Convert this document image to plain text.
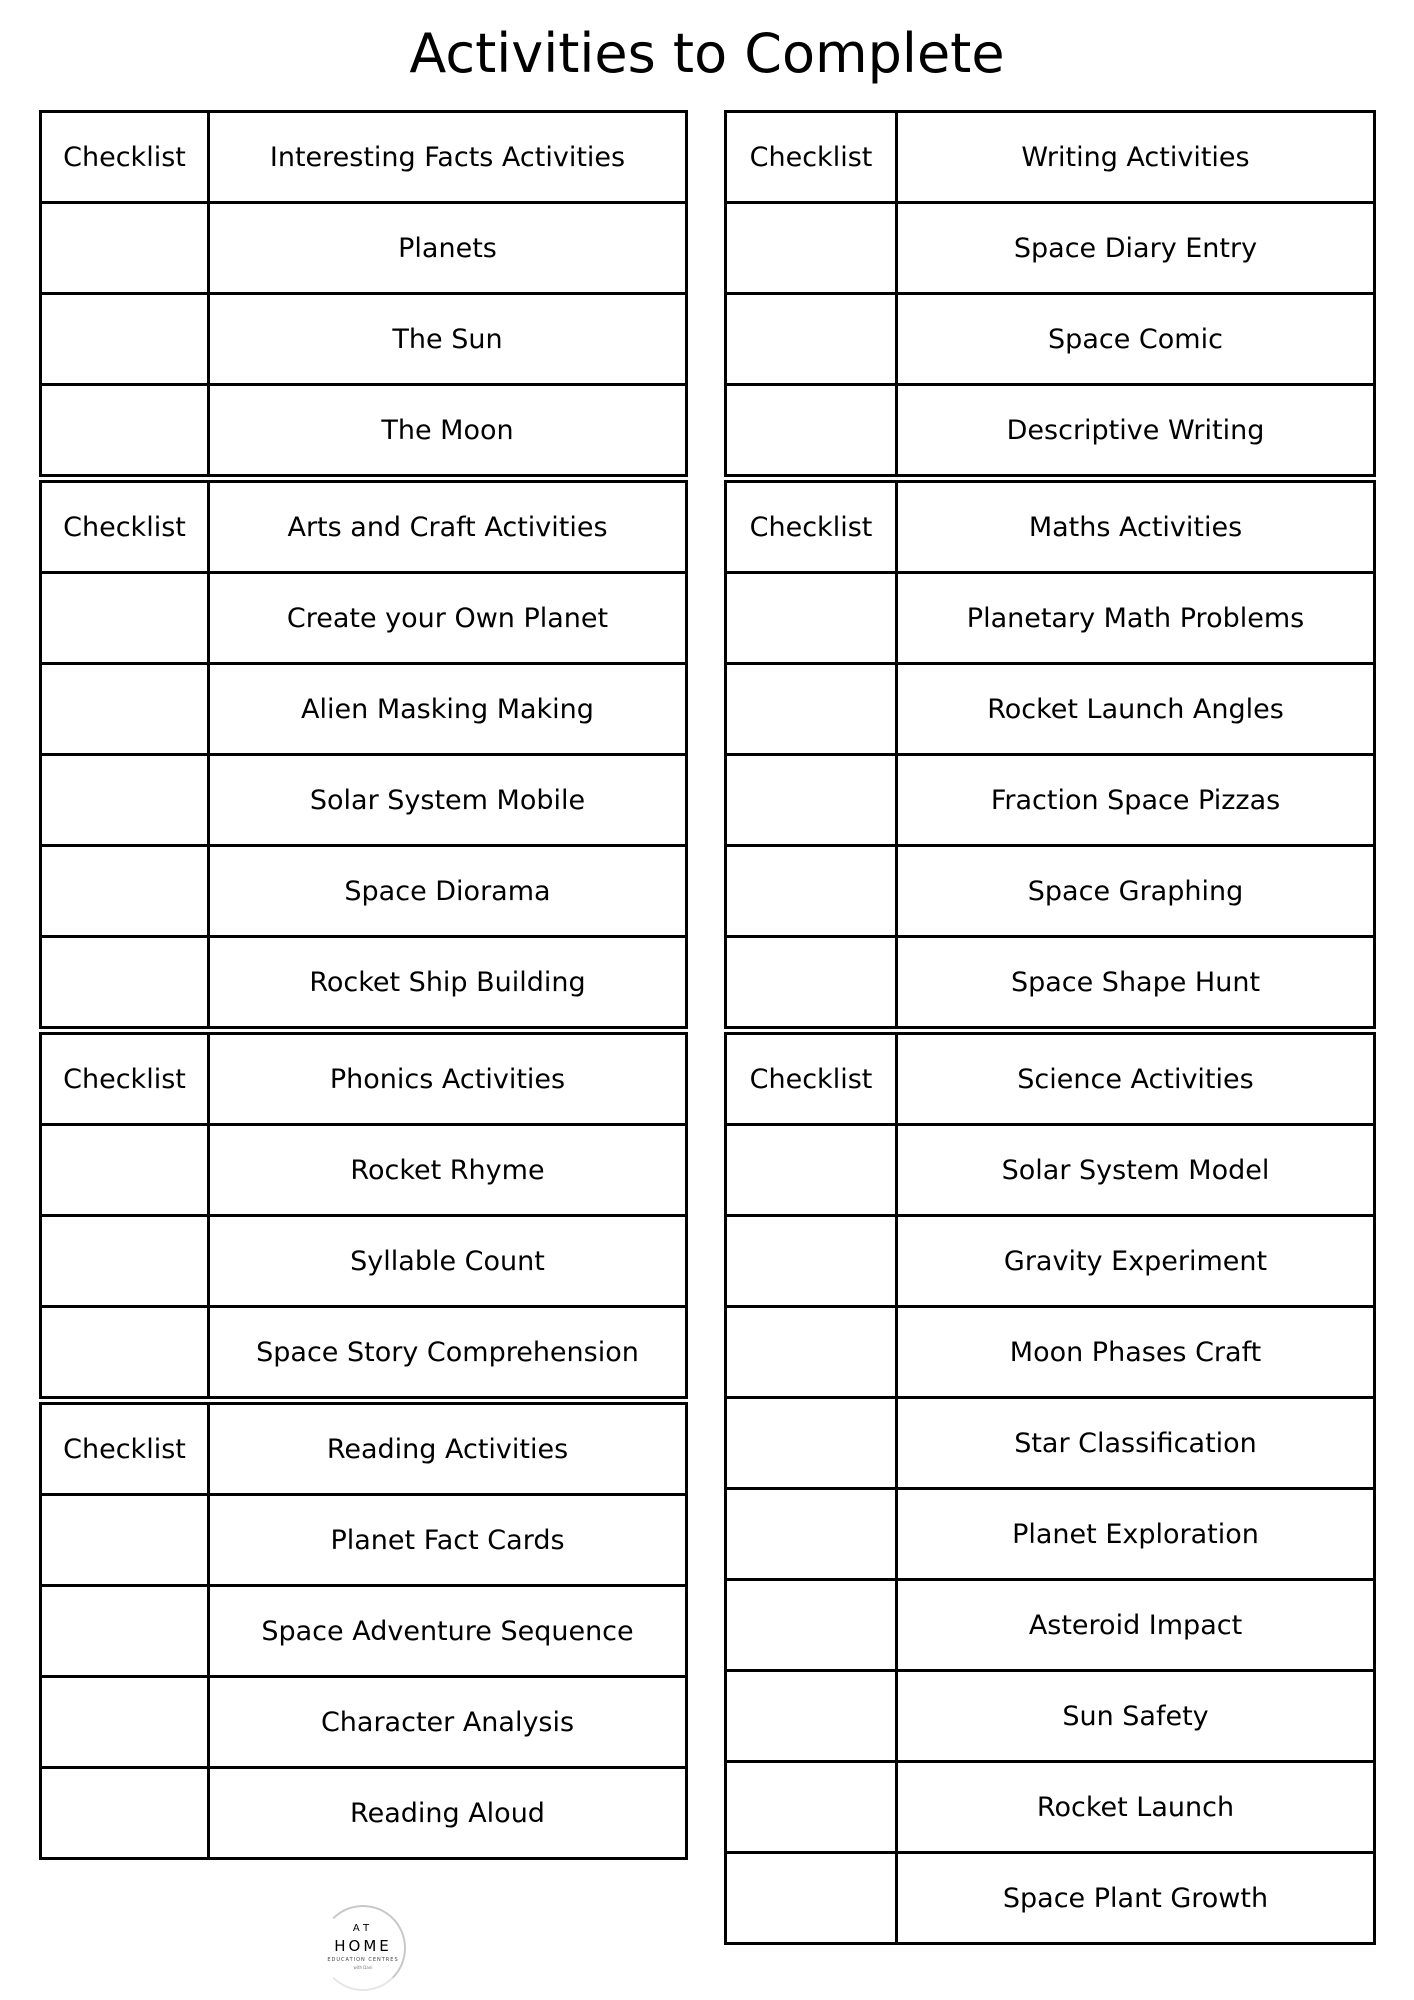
Activities to Complete
Checklist	Interesting Facts Activities
	Planets
	The Sun
	The Moon
Checklist	Arts and Craft Activities
	Create your Own Planet
	Alien Masking Making
	Solar System Mobile
	Space Diorama
	Rocket Ship Building
Checklist	Phonics Activities
	Rocket Rhyme
	Syllable Count
	Space Story Comprehension
Checklist	Reading Activities
	Planet Fact Cards
	Space Adventure Sequence
	Character Analysis
	Reading Aloud
Checklist	Writing Activities
	Space Diary Entry
	Space Comic
	Descriptive Writing
Checklist	Maths Activities
	Planetary Math Problems
	Rocket Launch Angles
	Fraction Space Pizzas
	Space Graphing
	Space Shape Hunt
Checklist	Science Activities
	Solar System Model
	Gravity Experiment
	Moon Phases Craft
	Star Classification
	Planet Exploration
	Asteroid Impact
	Sun Safety
	Rocket Launch
	Space Plant Growth
AT
HOME
EDUCATION CENTRES
with Dani
